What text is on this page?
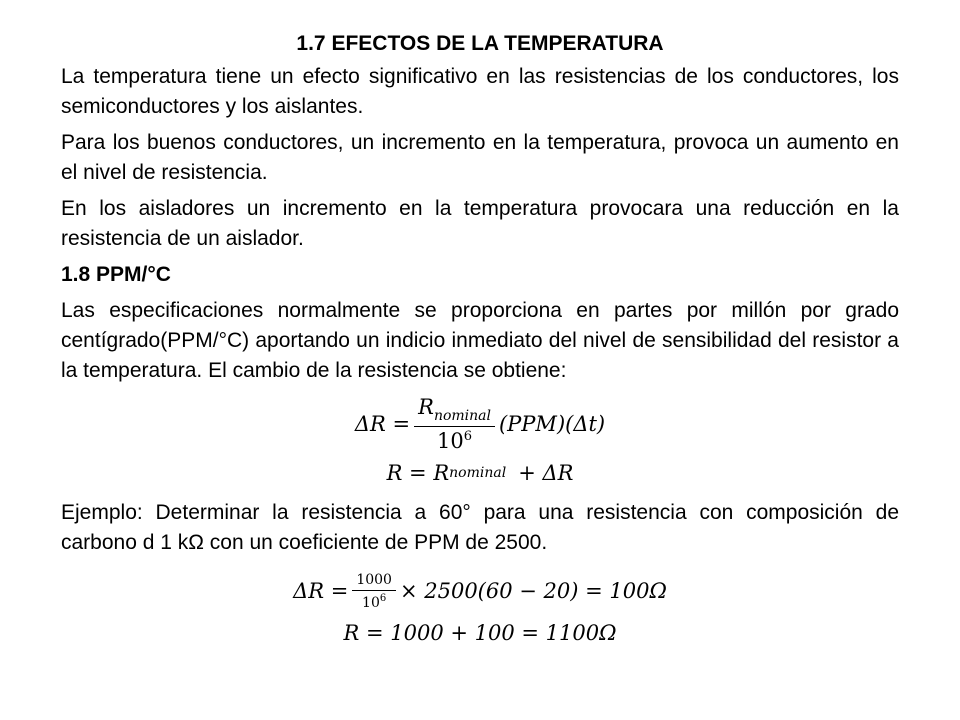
1.7 EFECTOS DE LA TEMPERATURA

La temperatura tiene un efecto significativo en las resistencias de los conductores, los semiconductores y los aislantes.

Para los buenos conductores, un incremento en la temperatura, provoca un aumento en el nivel de resistencia.

En los aisladores un incremento en la temperatura provocara una reducción en la resistencia de un aislador.

1.8 PPM/°C

Las especificaciones normalmente se proporciona en partes por millón por grado centígrado(PPM/°C) aportando un indicio inmediato del nivel de sensibilidad del resistor a la temperatura. El cambio de la resistencia se obtiene:

$\Delta R = \frac{R_{nominal}}{10^6} (PPM)(\Delta t)$
R = R nominal + ΔR

Ejemplo: Determinar la resistencia a 60° para una resistencia con composición de carbono d 1 kΩ con un coeficiente de PPM de 2500.

$\Delta R = \frac{1000}{10^6} \times 2500(60 - 20) = 100\Omega$
R = 1000 + 100 = 1100Ω
